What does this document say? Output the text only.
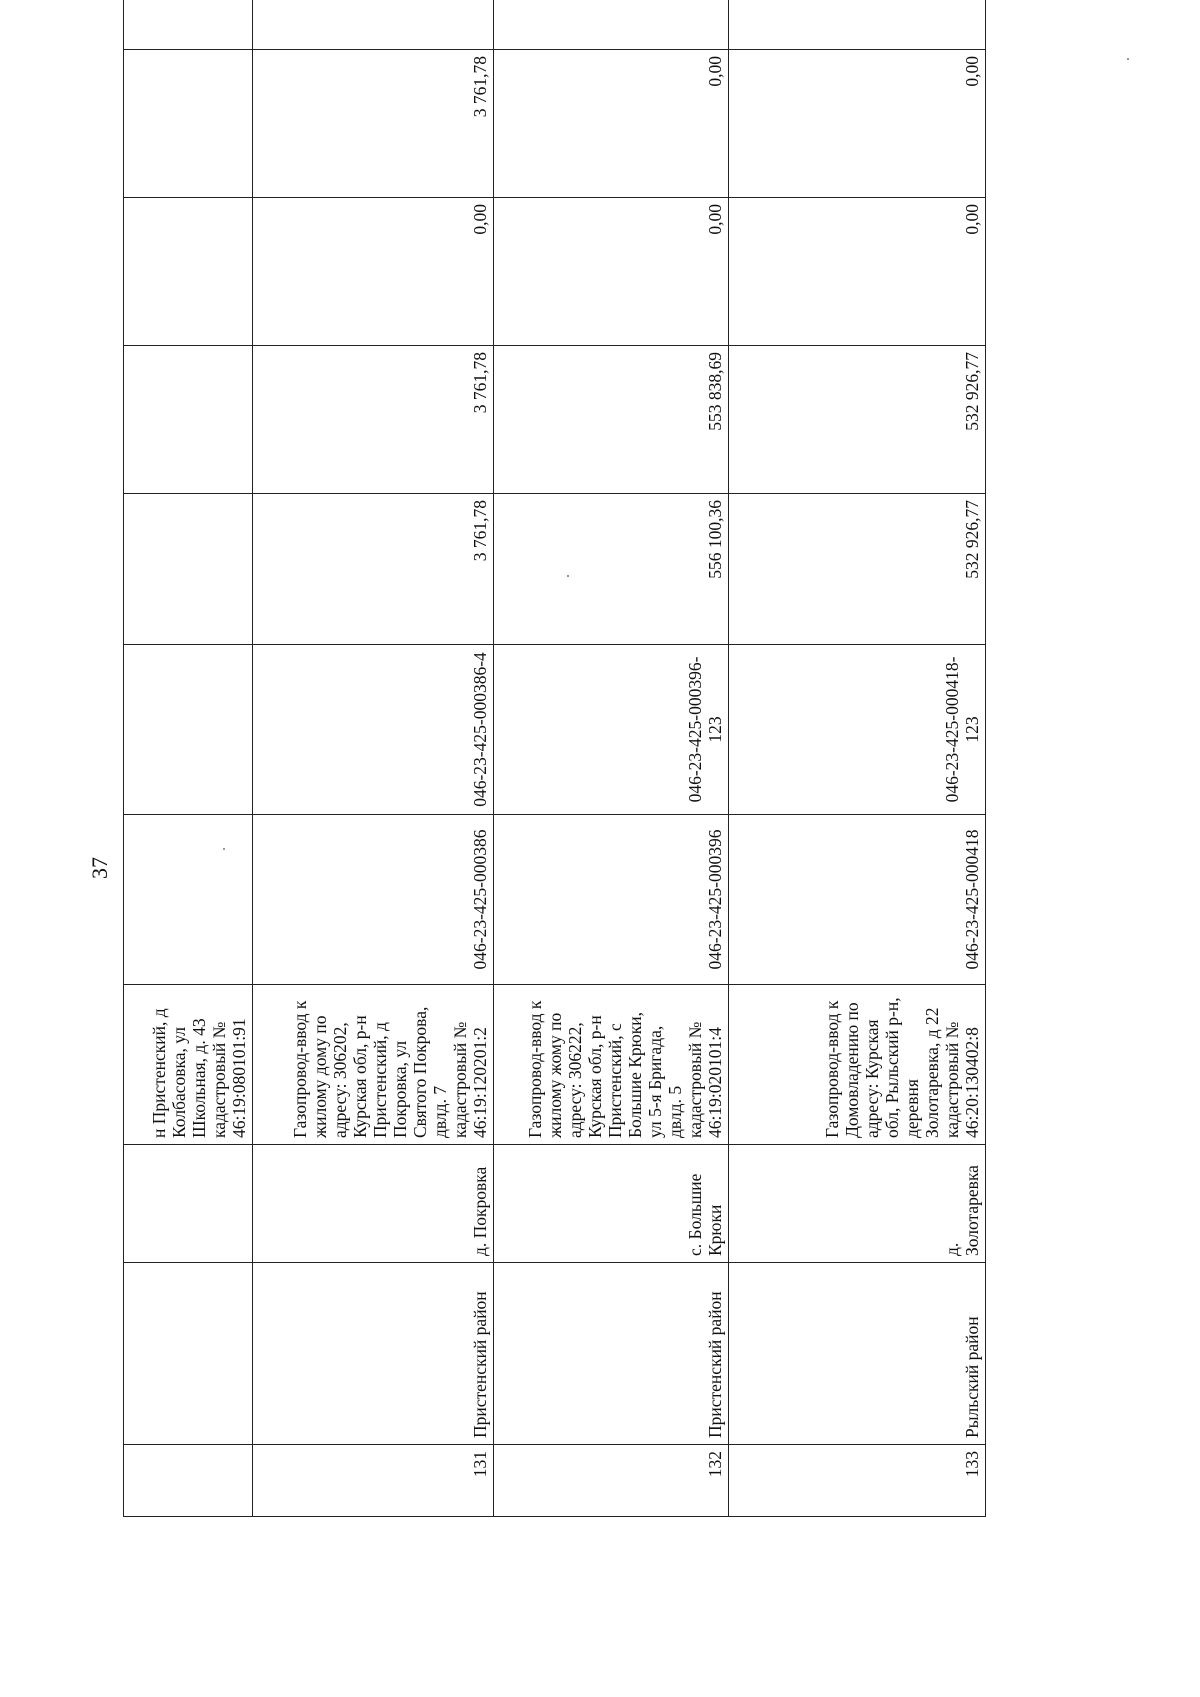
37
			н Пристенский, д Колбасовка, ул Школьная, д. 43 кадастровый № 46:19:080101:91								
131	Пристенский район	д. Покровка	Газопровод-ввод к жилому дому по адресу: 306202, Курская обл, р-н Пристенский, д Покровка, ул Святого Покрова, двлд. 7 кадастровый № 46:19:120201:2	046-23-425-000386	046-23-425-000386-4	3 761,78	3 761,78	0,00	3 761,78		
132	Пристенский район	с. Большие Крюки	Газопровод-ввод к жилому жому по адресу: 306222, Курская обл, р-н Пристенский, с Большие Крюки, ул 5-я Бригада, двлд. 5 кадастровый № 46:19:020101:4	046-23-425-000396	046-23-425-000396-123	556 100,36	553 838,69	0,00	0,00		
133	Рыльский район	д. Золотаревка	Газопровод-ввод к Домовладению по адресу: Курская обл, Рыльский р-н, деревня Золотаревка, д 22 кадастровый № 46:20:130402:8	046-23-425-000418	046-23-425-000418-123	532 926,77	532 926,77	0,00	0,00		
